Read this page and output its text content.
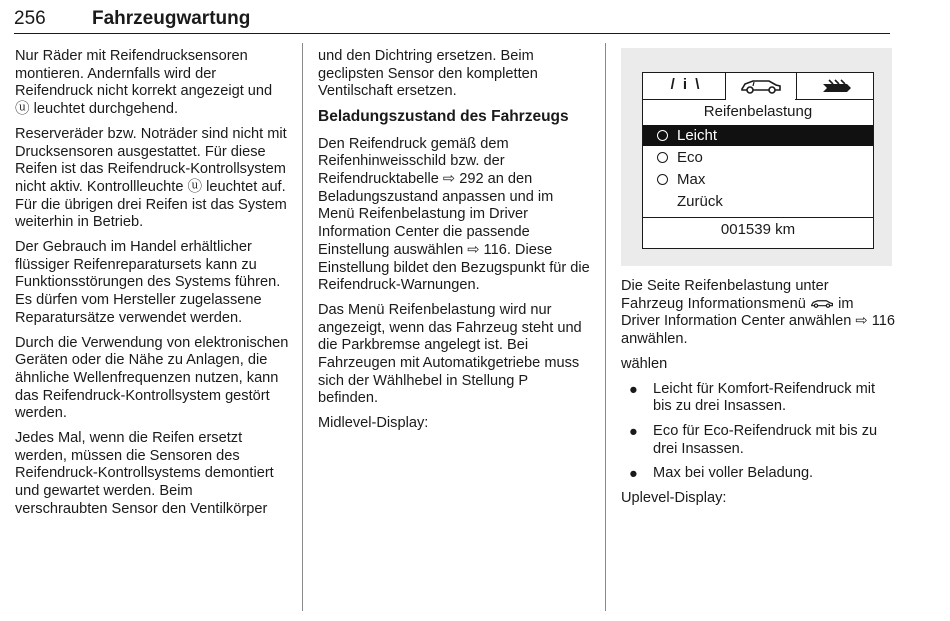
256 Fahrzeugwartung

Nur Räder mit Reifendrucksensoren montieren. Andernfalls wird der Reifendruck nicht korrekt angezeigt und ⓤ leuchtet durchgehend.

Reserveräder bzw. Noträder sind nicht mit Drucksensoren ausgestattet. Für diese Reifen ist das Reifendruck-Kontrollsystem nicht aktiv. Kontrollleuchte ⓤ leuchtet auf. Für die übrigen drei Reifen ist das System weiterhin in Betrieb.

Der Gebrauch im Handel erhältlicher flüssiger Reifenreparatursets kann zu Funktionsstörungen des Systems führen. Es dürfen vom Hersteller zugelassene Reparatursätze verwendet werden.

Durch die Verwendung von elektronischen Geräten oder die Nähe zu Anlagen, die ähnliche Wellenfrequenzen nutzen, kann das Reifendruck-Kontrollsystem gestört werden.

Jedes Mal, wenn die Reifen ersetzt werden, müssen die Sensoren des Reifendruck-Kontrollsystems demontiert und gewartet werden. Beim verschraubten Sensor den Ventilkörper

und den Dichtring ersetzen. Beim geclipsten Sensor den kompletten Ventilschaft ersetzen.

Beladungszustand des Fahrzeugs

Den Reifendruck gemäß dem Reifenhinweisschild bzw. der Reifendrucktabelle ⇨ 292 an den Beladungszustand anpassen und im Menü Reifenbelastung im Driver Information Center die passende Einstellung auswählen ⇨ 116. Diese Einstellung bildet den Bezugspunkt für die Reifendruck-Warnungen.

Das Menü Reifenbelastung wird nur angezeigt, wenn das Fahrzeug steht und die Parkbremse angelegt ist. Bei Fahrzeugen mit Automatikgetriebe muss sich der Wählhebel in Stellung P befinden.

Midlevel-Display:

/ i \
Reifenbelastung
Leicht
Eco
Max
Zurück
001539 km

Die Seite Reifenbelastung unter Fahrzeug Informationsmenü  im Driver Information Center anwählen ⇨ 116 anwählen.

wählen

● Leicht für Komfort-Reifendruck mit bis zu drei Insassen.
● Eco für Eco-Reifendruck mit bis zu drei Insassen.
● Max bei voller Beladung.

Uplevel-Display:
